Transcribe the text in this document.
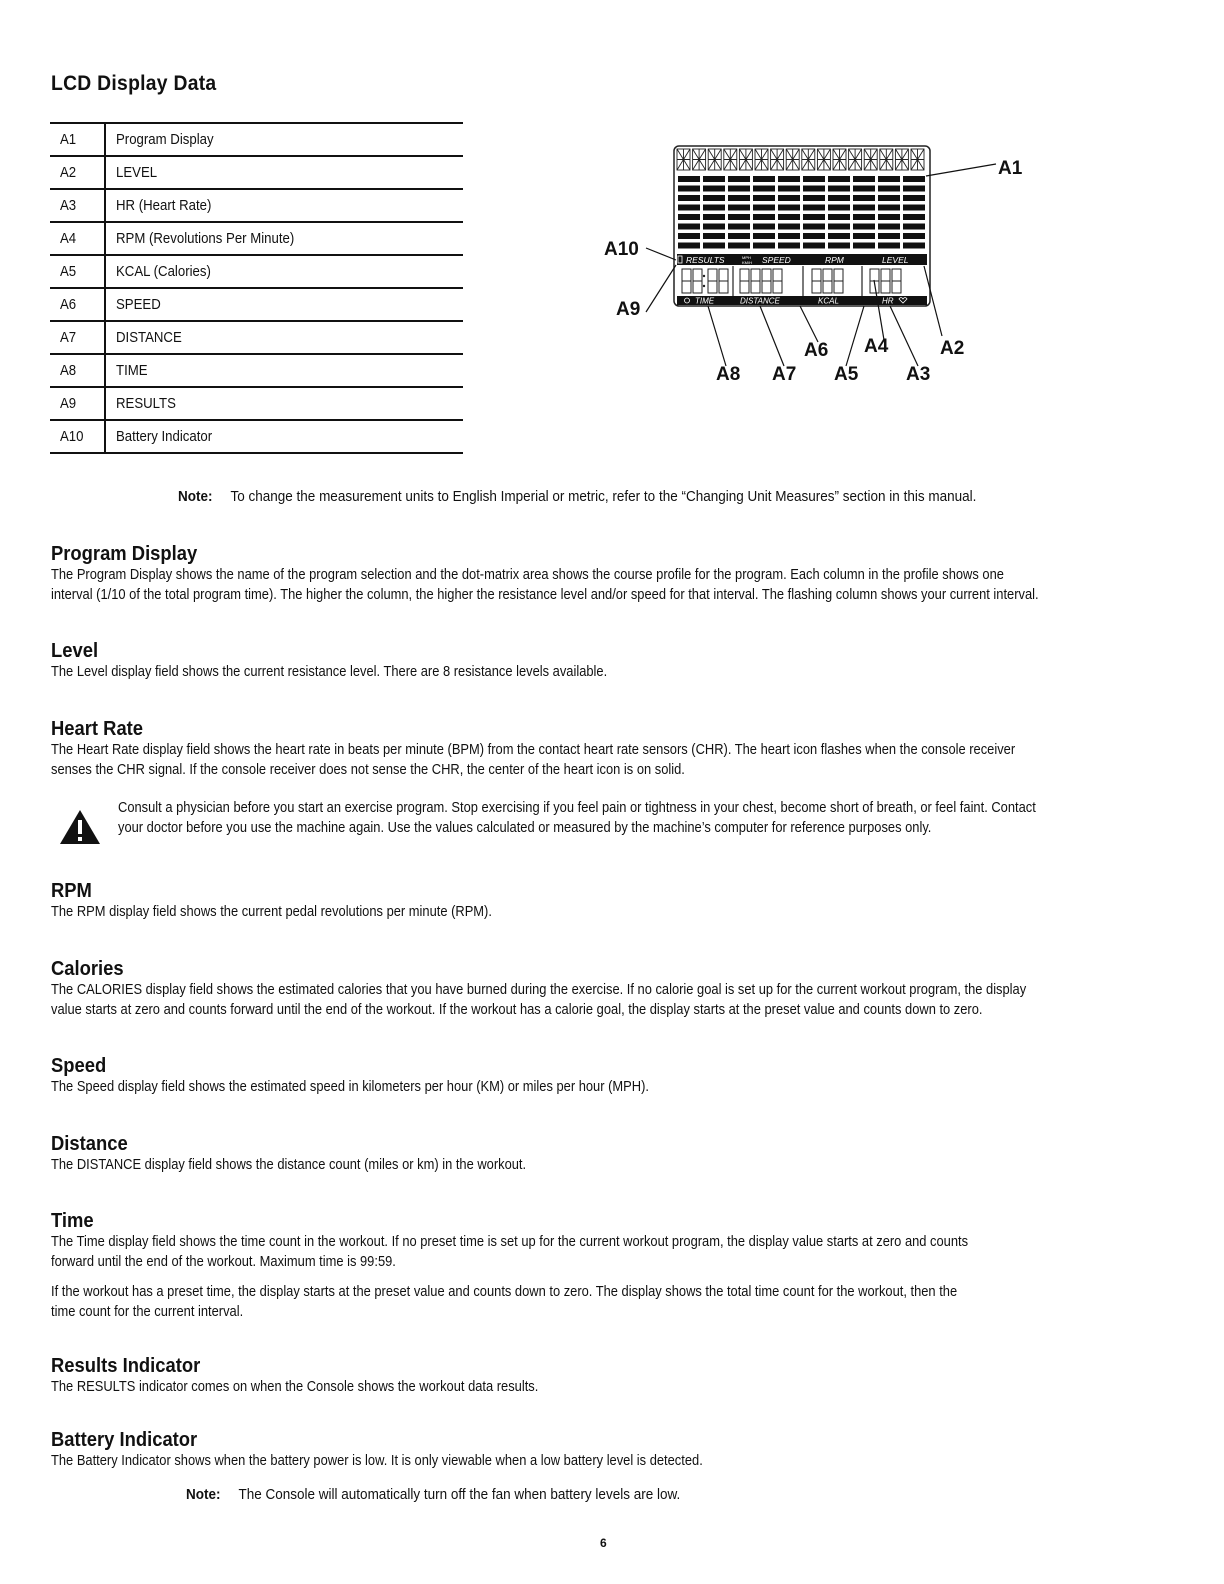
LCD Display Data
A1	Program Display
A2	LEVEL
A3	HR (Heart Rate)
A4	RPM (Revolutions Per Minute)
A5	KCAL (Calories)
A6	SPEED
A7	DISTANCE
A8	TIME
A9	RESULTS
A10	Battery Indicator
RESULTS	MPH
KM/H SPEED	RPM	LEVEL
TIME	DISTANCE	KCAL	HR
A1
A2
A3
A4
A5
A6
A7
A8
A9
A10
Note: To change the measurement units to English Imperial or metric, refer to the “Changing Unit Measures” section in this manual.
Program Display

The Program Display shows the name of the program selection and the dot-matrix area shows the course profile for the program. Each column in the profile shows one
interval (1/10 of the total program time). The higher the column, the higher the resistance level and/or speed for that interval. The flashing column shows your current interval.

Level

The Level display field shows the current resistance level. There are 8 resistance levels available.

Heart Rate

The Heart Rate display field shows the heart rate in beats per minute (BPM) from the contact heart rate sensors (CHR). The heart icon flashes when the console receiver
senses the CHR signal. If the console receiver does not sense the CHR, the center of the heart icon is on solid.

Consult a physician before you start an exercise program. Stop exercising if you feel pain or tightness in your chest, become short of breath, or feel faint. Contact
your doctor before you use the machine again. Use the values calculated or measured by the machine’s computer for reference purposes only.

RPM

The RPM display field shows the current pedal revolutions per minute (RPM).

Calories

The CALORIES display field shows the estimated calories that you have burned during the exercise. If no calorie goal is set up for the current workout program, the display
value starts at zero and counts forward until the end of the workout. If the workout has a calorie goal, the display starts at the preset value and counts down to zero.

Speed

The Speed display field shows the estimated speed in kilometers per hour (KM) or miles per hour (MPH).

Distance

The DISTANCE display field shows the distance count (miles or km) in the workout.

Time

The Time display field shows the time count in the workout. If no preset time is set up for the current workout program, the display value starts at zero and counts
forward until the end of the workout. Maximum time is 99:59.

If the workout has a preset time, the display starts at the preset value and counts down to zero. The display shows the total time count for the workout, then the
time count for the current interval.

Results Indicator

The RESULTS indicator comes on when the Console shows the workout data results.

Battery Indicator

The Battery Indicator shows when the battery power is low. It is only viewable when a low battery level is detected.

Note: The Console will automatically turn off the fan when battery levels are low.
6
